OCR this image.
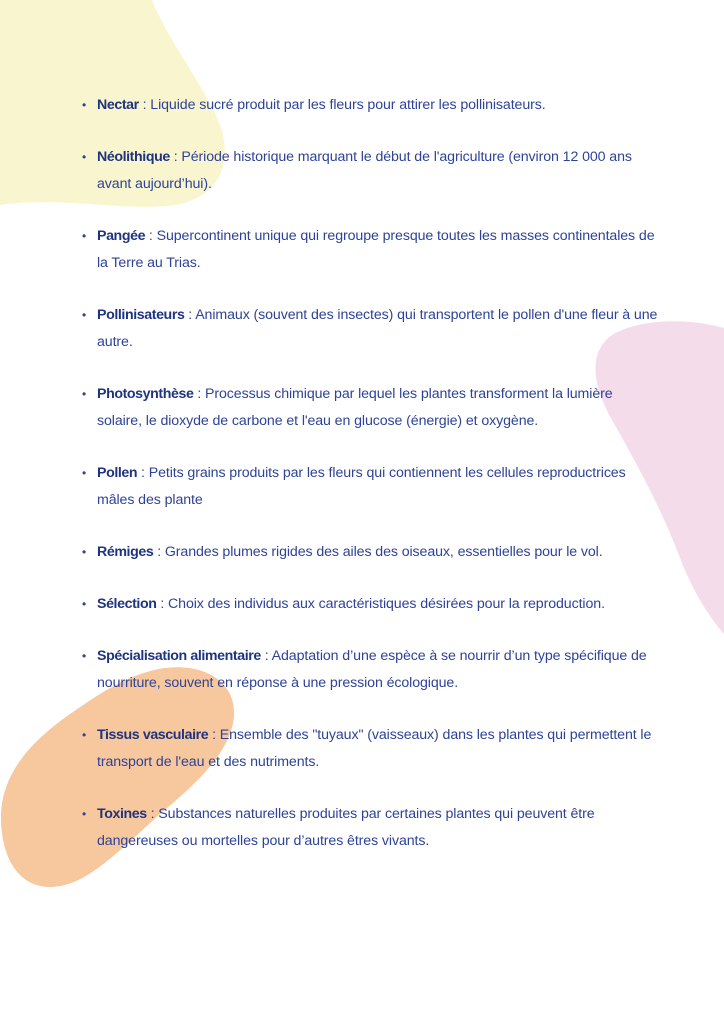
• Nectar : Liquide sucré produit par les fleurs pour attirer les pollinisateurs.
• Néolithique : Période historique marquant le début de l'agriculture (environ 12 000 ans avant aujourd’hui).
• Pangée : Supercontinent unique qui regroupe presque toutes les masses continentales de la Terre au Trias.
• Pollinisateurs : Animaux (souvent des insectes) qui transportent le pollen d'une fleur à une autre.
• Photosynthèse : Processus chimique par lequel les plantes transforment la lumière solaire, le dioxyde de carbone et l'eau en glucose (énergie) et oxygène.
• Pollen : Petits grains produits par les fleurs qui contiennent les cellules reproductrices mâles des plante
• Rémiges : Grandes plumes rigides des ailes des oiseaux, essentielles pour le vol.
• Sélection : Choix des individus aux caractéristiques désirées pour la reproduction.
• Spécialisation alimentaire : Adaptation d’une espèce à se nourrir d’un type spécifique de nourriture, souvent en réponse à une pression écologique.
• Tissus vasculaire : Ensemble des "tuyaux" (vaisseaux) dans les plantes qui permettent le transport de l'eau et des nutriments.
• Toxines : Substances naturelles produites par certaines plantes qui peuvent être dangereuses ou mortelles pour d’autres êtres vivants.
